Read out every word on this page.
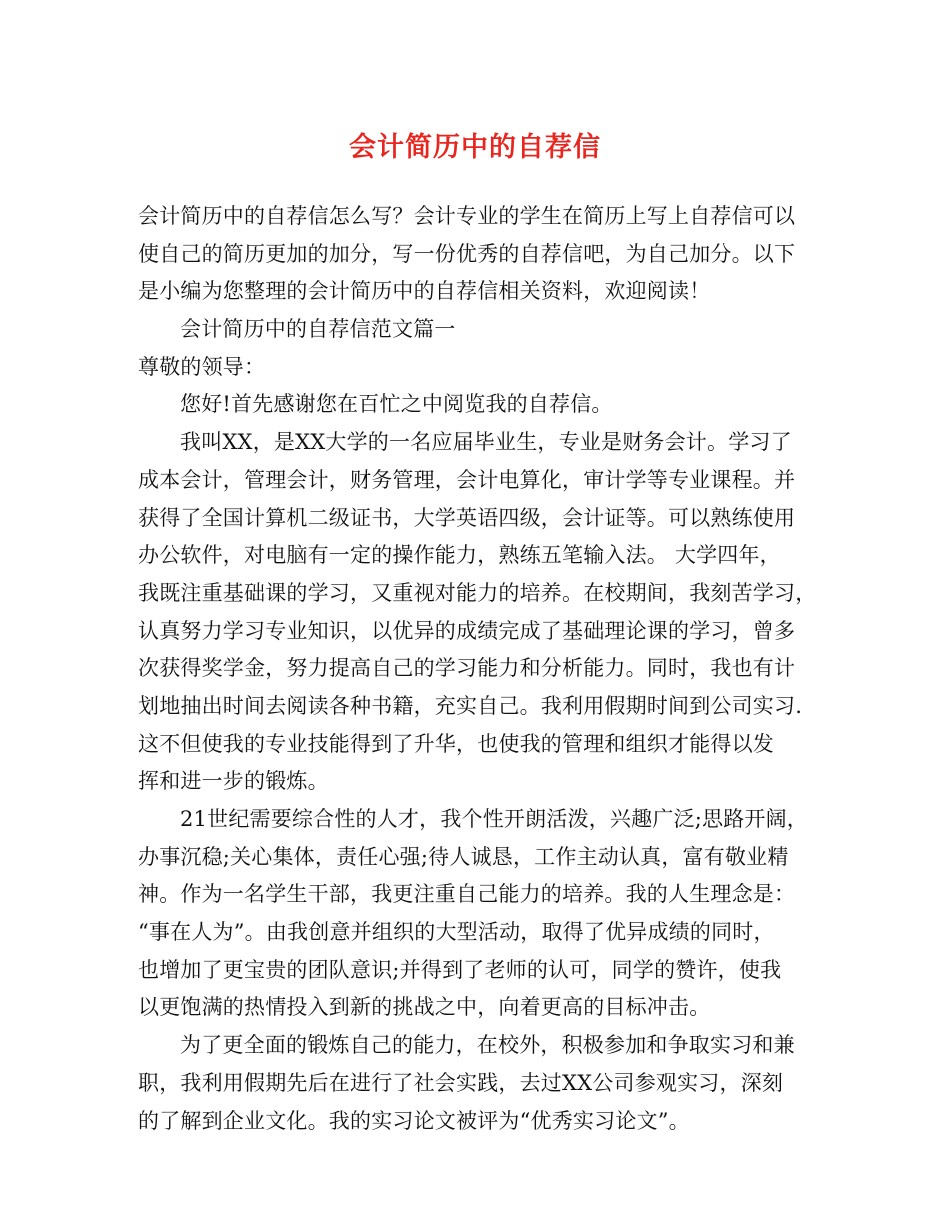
会计简历中的自荐信
会计简历中的自荐信怎么写？会计专业的学生在简历上写上自荐信可以
使自己的简历更加的加分，写一份优秀的自荐信吧，为自己加分。以下
是小编为您整理的会计简历中的自荐信相关资料，欢迎阅读！
会计简历中的自荐信范文篇一
尊敬的领导：
您好!首先感谢您在百忙之中阅览我的自荐信。
我叫XX，是XX大学的一名应届毕业生，专业是财务会计。学习了
成本会计，管理会计，财务管理，会计电算化，审计学等专业课程。并
获得了全国计算机二级证书，大学英语四级，会计证等。可以熟练使用
办公软件，对电脑有一定的操作能力，熟练五笔输入法。 大学四年，
我既注重基础课的学习，又重视对能力的培养。在校期间，我刻苦学习，
认真努力学习专业知识，以优异的成绩完成了基础理论课的学习，曾多
次获得奖学金，努力提高自己的学习能力和分析能力。同时，我也有计
划地抽出时间去阅读各种书籍，充实自己。我利用假期时间到公司实习.
这不但使我的专业技能得到了升华，也使我的管理和组织才能得以发
挥和进一步的锻炼。
21世纪需要综合性的人才，我个性开朗活泼，兴趣广泛;思路开阔，
办事沉稳;关心集体，责任心强;待人诚恳，工作主动认真，富有敬业精
神。作为一名学生干部，我更注重自己能力的培养。我的人生理念是：
“事在人为”。由我创意并组织的大型活动，取得了优异成绩的同时，
也增加了更宝贵的团队意识;并得到了老师的认可，同学的赞许，使我
以更饱满的热情投入到新的挑战之中，向着更高的目标冲击。
为了更全面的锻炼自己的能力，在校外，积极参加和争取实习和兼
职，我利用假期先后在进行了社会实践，去过XX公司参观实习，深刻
的了解到企业文化。我的实习论文被评为“优秀实习论文”。
